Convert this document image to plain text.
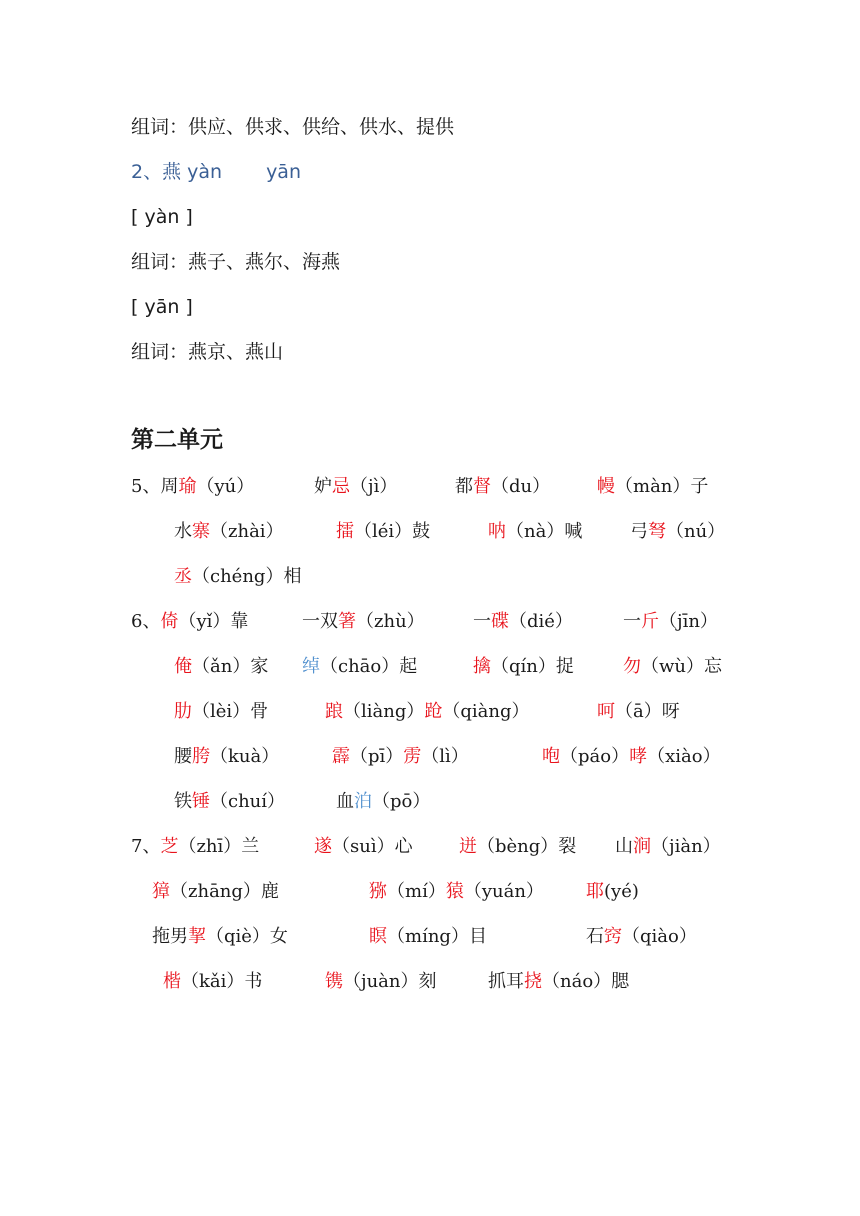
组词：供应、供求、供给、供水、提供
2、燕 yàn yān
[ yàn ]
组词：燕子、燕尔、海燕
[ yān ]
组词：燕京、燕山
第二单元
5、周瑜（yú）	妒忌（jì）	都督（du）	幔（màn）子
水寨（zhài）	擂（léi）鼓	呐（nà）喊	弓弩（nú）
丞（chéng）相
6、倚（yǐ）靠	一双箸（zhù）	一碟（dié）	一斤（jīn）
俺（ǎn）家 绰（chāo）起	擒（qín）捉	勿（wù）忘
肋（lèi）骨	踉（liàng）跄（qiàng）	呵（ā）呀
腰胯（kuà）	霹（pī）雳（lì）	咆（páo）哮（xiào）
铁锤（chuí）	血泊（pō）
7、芝（zhī）兰	遂（suì）心	迸（bèng）裂 山涧（jiàn）
獐（zhāng）鹿	猕（mí）猿（yuán） 耶(yé)
拖男挈（qiè）女	瞑（míng）目	石窍（qiào）
楷（kǎi）书	镌（juàn）刻	抓耳挠（náo）腮
